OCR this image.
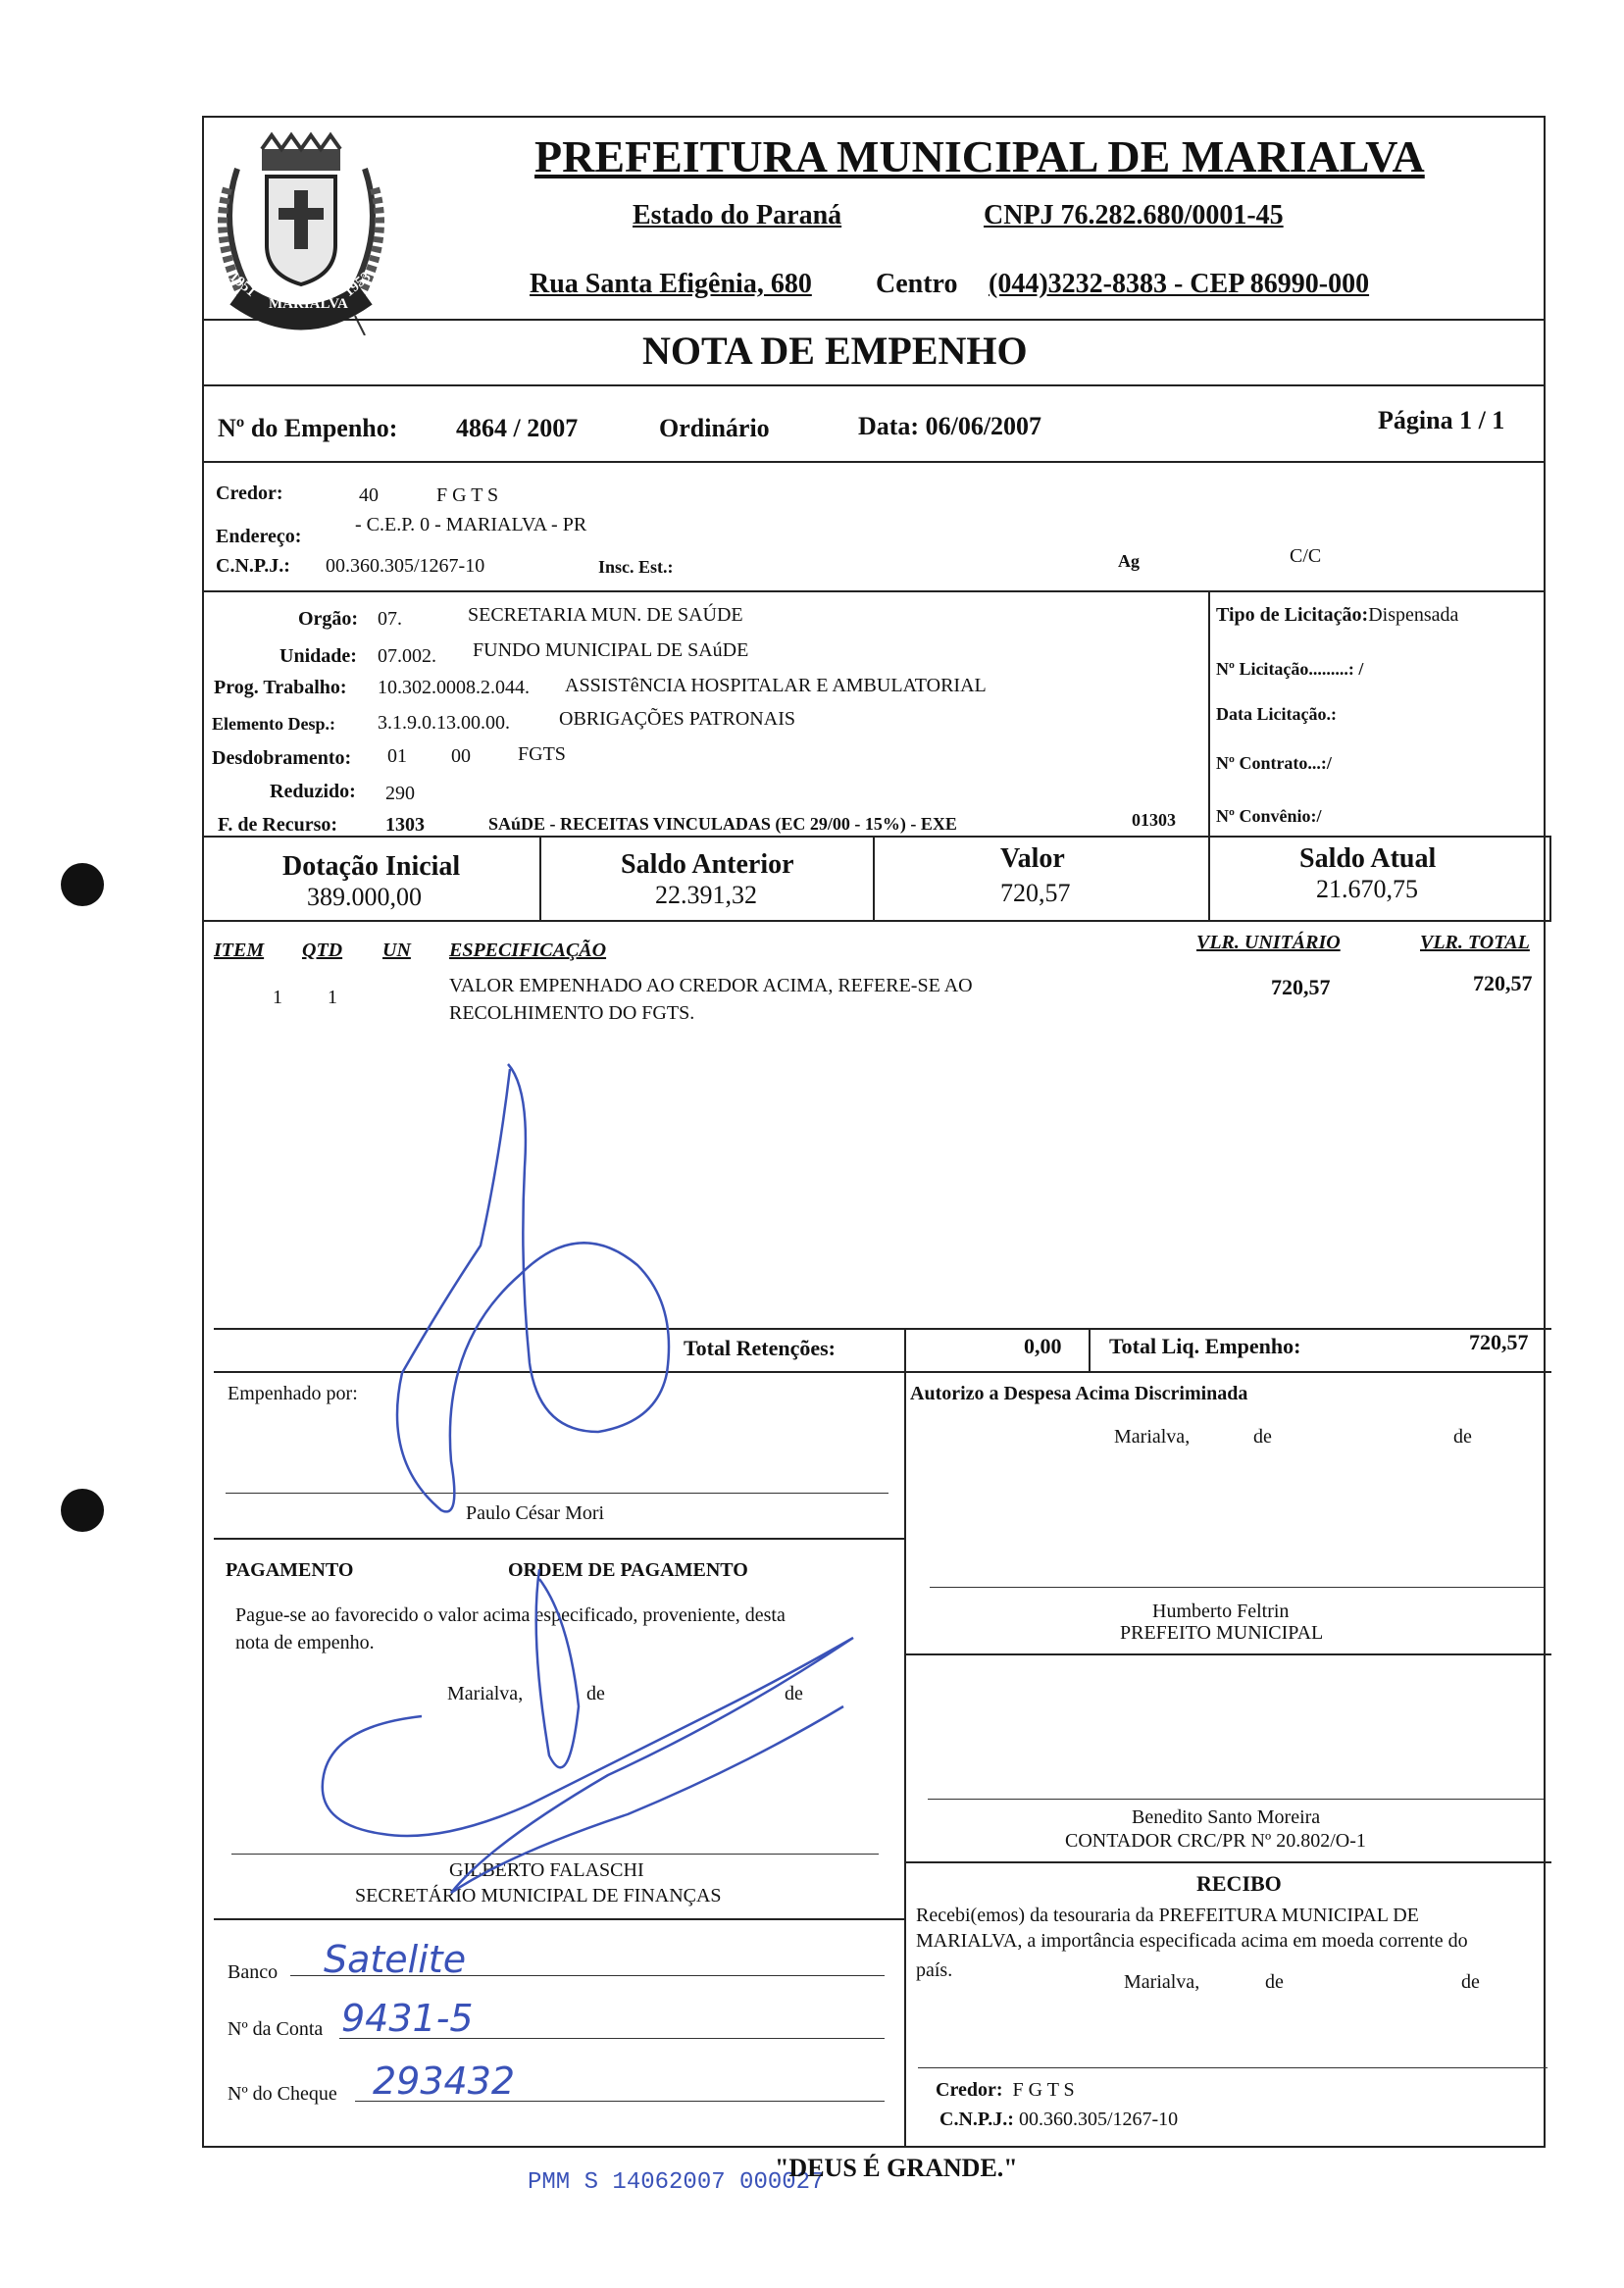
1951
MARIALVA
1953
PREFEITURA MUNICIPAL DE MARIALVA
Estado do Paraná	CNPJ 76.282.680/0001-45
Rua Santa Efigênia, 680 Centro (044)3232-8383 - CEP 86990-000
NOTA DE EMPENHO
Nº do Empenho: 4864 / 2007	Ordinário	Data: 06/06/2007	Página 1 / 1
Credor:	40	F G T S
Endereço:
- C.E.P. 0 - MARIALVA - PR
C.N.P.J.: 00.360.305/1267-10	Insc. Est.:	Ag	C/C
Orgão: 07.	SECRETARIA MUN. DE SAÚDE
Unidade: 07.002. FUNDO MUNICIPAL DE SAúDE
Prog. Trabalho: 10.302.0008.2.044. ASSISTêNCIA HOSPITALAR E AMBULATORIAL
Elemento Desp.: 3.1.9.0.13.00.00.	OBRIGAÇÕES PATRONAIS
Desdobramento: 01 00 FGTS
Reduzido: 290
F. de Recurso: 1303	SAúDE - RECEITAS VINCULADAS (EC 29/00 - 15%) - EXE	01303
Tipo de Licitação:Dispensada
Nº Licitação.........: /
Data Licitação.:
Nº Contrato...:/
Nº Convênio:/
Dotação Inicial
389.000,00
Saldo Anterior
22.391,32
Valor
720,57
Saldo Atual
21.670,75
ITEM QTD UN ESPECIFICAÇÃO	VLR. UNITÁRIO	VLR. TOTAL
1 1
VALOR EMPENHADO AO CREDOR ACIMA, REFERE-SE AO
RECOLHIMENTO DO FGTS.
720,57	720,57
Total Retenções:	0,00 Total Liq. Empenho:	720,57
Empenhado por:
Paulo César Mori
Autorizo a Despesa Acima Discriminada
Marialva,	de	de
Humberto Feltrin
PREFEITO MUNICIPAL
Benedito Santo Moreira
CONTADOR CRC/PR Nº 20.802/O-1
PAGAMENTO	ORDEM DE PAGAMENTO
Pague-se ao favorecido o valor acima especificado, proveniente, desta
nota de empenho.
Marialva,	de	de
GILBERTO FALASCHI
SECRETÁRIO MUNICIPAL DE FINANÇAS
Banco Satelite
Nº da Conta 9431-5
Nº do Cheque 293432
RECIBO
Recebi(emos) da tesouraria da PREFEITURA MUNICIPAL DE
MARIALVA, a importância especificada acima em moeda corrente do
país.
Marialva,	de	de
Credor: F G T S
C.N.P.J.: 00.360.305/1267-10
PMM S 14062007 000027
"DEUS É GRANDE."
